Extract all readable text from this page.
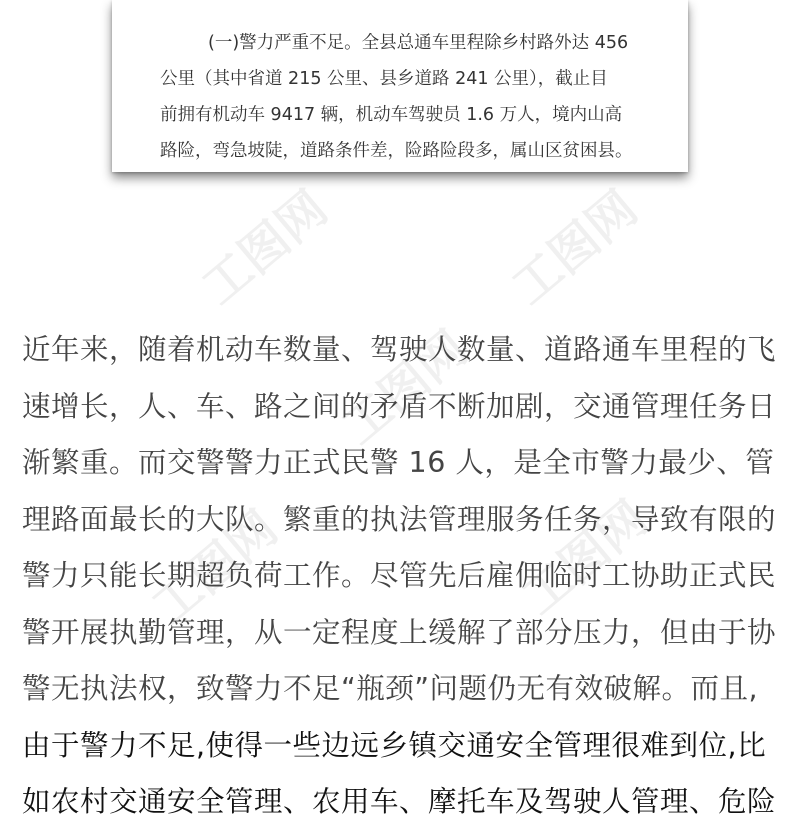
(一)警力严重不足。全县总通车里程除乡村路外达 456
公里（其中省道 215 公里、县乡道路 241 公里），截止目
前拥有机动车 9417 辆，机动车驾驶员 1.6 万人，境内山高
路险，弯急坡陡，道路条件差，险路险段多，属山区贫困县。
工图网	工图网
工图网
工图网	工图网
近年来，随着机动车数量、驾驶人数量、道路通车里程的飞
速增长，人、车、路之间的矛盾不断加剧，交通管理任务日
渐繁重。而交警警力正式民警 16 人，是全市警力最少、管
理路面最长的大队。繁重的执法管理服务任务，导致有限的
警力只能长期超负荷工作。尽管先后雇佣临时工协助正式民
警开展执勤管理，从一定程度上缓解了部分压力，但由于协
警无执法权，致警力不足“瓶颈”问题仍无有效破解。而且,
由于警力不足,使得一些边远乡镇交通安全管理很难到位,比
如农村交通安全管理、农用车、摩托车及驾驶人管理、危险
